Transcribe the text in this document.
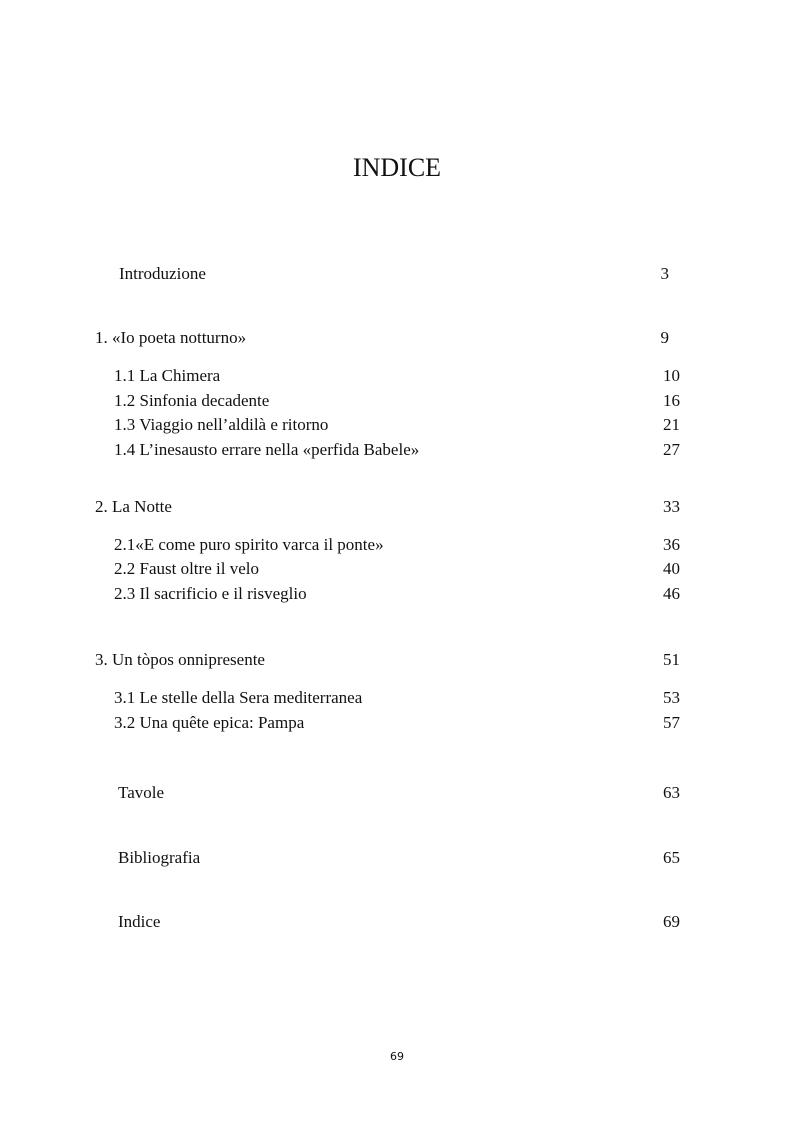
INDICE
Introduzione	3
1. «Io poeta notturno»	9
1.1 La Chimera	10
1.2 Sinfonia decadente	16
1.3 Viaggio nell’aldilà e ritorno	21
1.4 L’inesausto errare nella «perfida Babele»	27
2. La Notte	33
2.1«E come puro spirito varca il ponte»	36
2.2 Faust oltre il velo	40
2.3 Il sacrificio e il risveglio	46
3. Un tòpos onnipresente	51
3.1 Le stelle della Sera mediterranea	53
3.2 Una quête epica: Pampa	57
Tavole	63
Bibliografia	65
Indice	69
69
